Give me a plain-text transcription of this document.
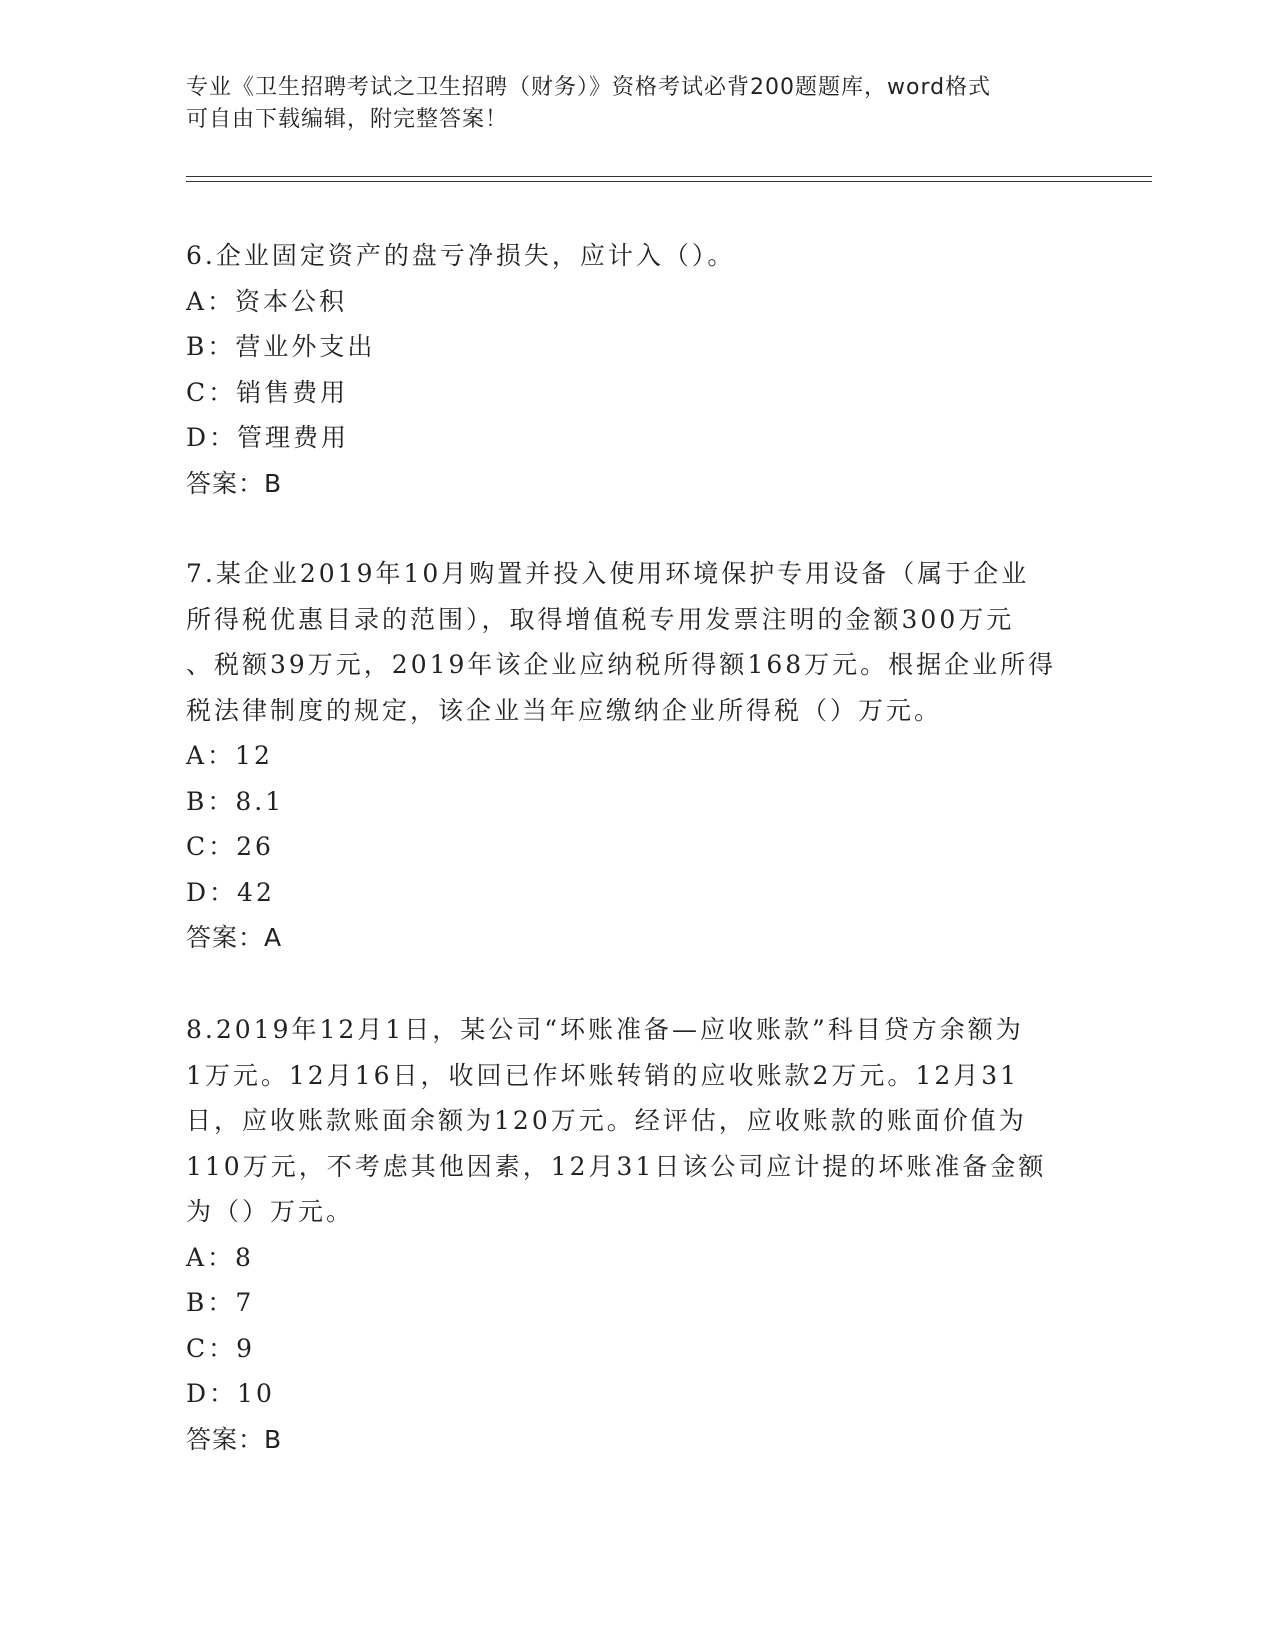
专业《卫生招聘考试之卫生招聘（财务）》资格考试必背200题题库，word格式
可自由下载编辑，附完整答案！
6.企业固定资产的盘亏净损失，应计入（）。
A：资本公积
B：营业外支出
C：销售费用
D：管理费用
答案：B
7.某企业2019年10月购置并投入使用环境保护专用设备（属于企业
所得税优惠目录的范围），取得增值税专用发票注明的金额300万元
、税额39万元，2019年该企业应纳税所得额168万元。根据企业所得
税法律制度的规定，该企业当年应缴纳企业所得税（）万元。
A：12
B：8.1
C：26
D：42
答案：A
8.2019年12月1日，某公司“坏账准备—应收账款”科目贷方余额为
1万元。12月16日，收回已作坏账转销的应收账款2万元。12月31
日，应收账款账面余额为120万元。经评估，应收账款的账面价值为
110万元，不考虑其他因素，12月31日该公司应计提的坏账准备金额
为（）万元。
A：8
B：7
C：9
D：10
答案：B
